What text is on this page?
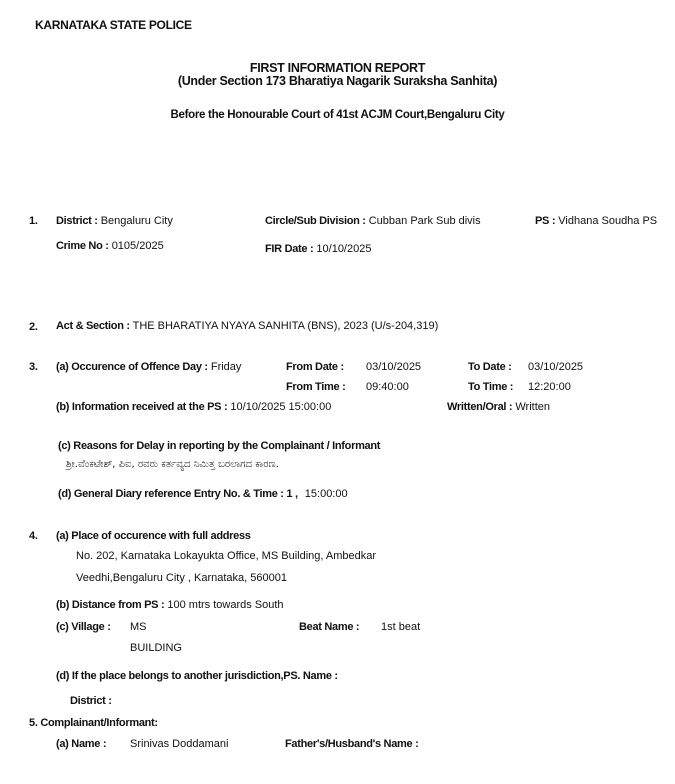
KARNATAKA STATE POLICE
FIRST INFORMATION REPORT
(Under Section 173 Bharatiya Nagarik Suraksha Sanhita)
Before the Honourable Court of 41st ACJM Court,Bengaluru City
1. District : Bengaluru City	Circle/Sub Division : Cubban Park Sub divis	PS : Vidhana Soudha PS
Crime No : 0105/2025	FIR Date : 10/10/2025
2. Act & Section : THE BHARATIYA NYAYA SANHITA (BNS), 2023 (U/s-204,319)
3. (a) Occurence of Offence Day : Friday	From Date : 03/10/2025	To Date : 03/10/2025
From Time : 09:40:00	To Time : 12:20:00
(b) Information received at the PS : 10/10/2025 15:00:00	Written/Oral : Written
(c) Reasons for Delay in reporting by the Complainant / Informant
ಶ್ರೀ.ವೆಂಕಟೇಶ್, ಪಿಐ, ರವರು ಕರ್ತವ್ಯದ ನಿಮಿತ್ತ ಬರಲಾಗದ ಕಾರಣ.
(d) General Diary reference Entry No. & Time : 1 , 15:00:00
4. (a) Place of occurence with full address
No. 202, Karnataka Lokayukta Office, MS Building, Ambedkar
Veedhi,Bengaluru City , Karnataka, 560001
(b) Distance from PS : 100 mtrs towards South
(c) Village : MS
BUILDING
Beat Name : 1st beat
(d) If the place belongs to another jurisdiction,PS. Name :
District :
5. Complainant/Informant:
(a) Name : Srinivas Doddamani	Father's/Husband's Name :
